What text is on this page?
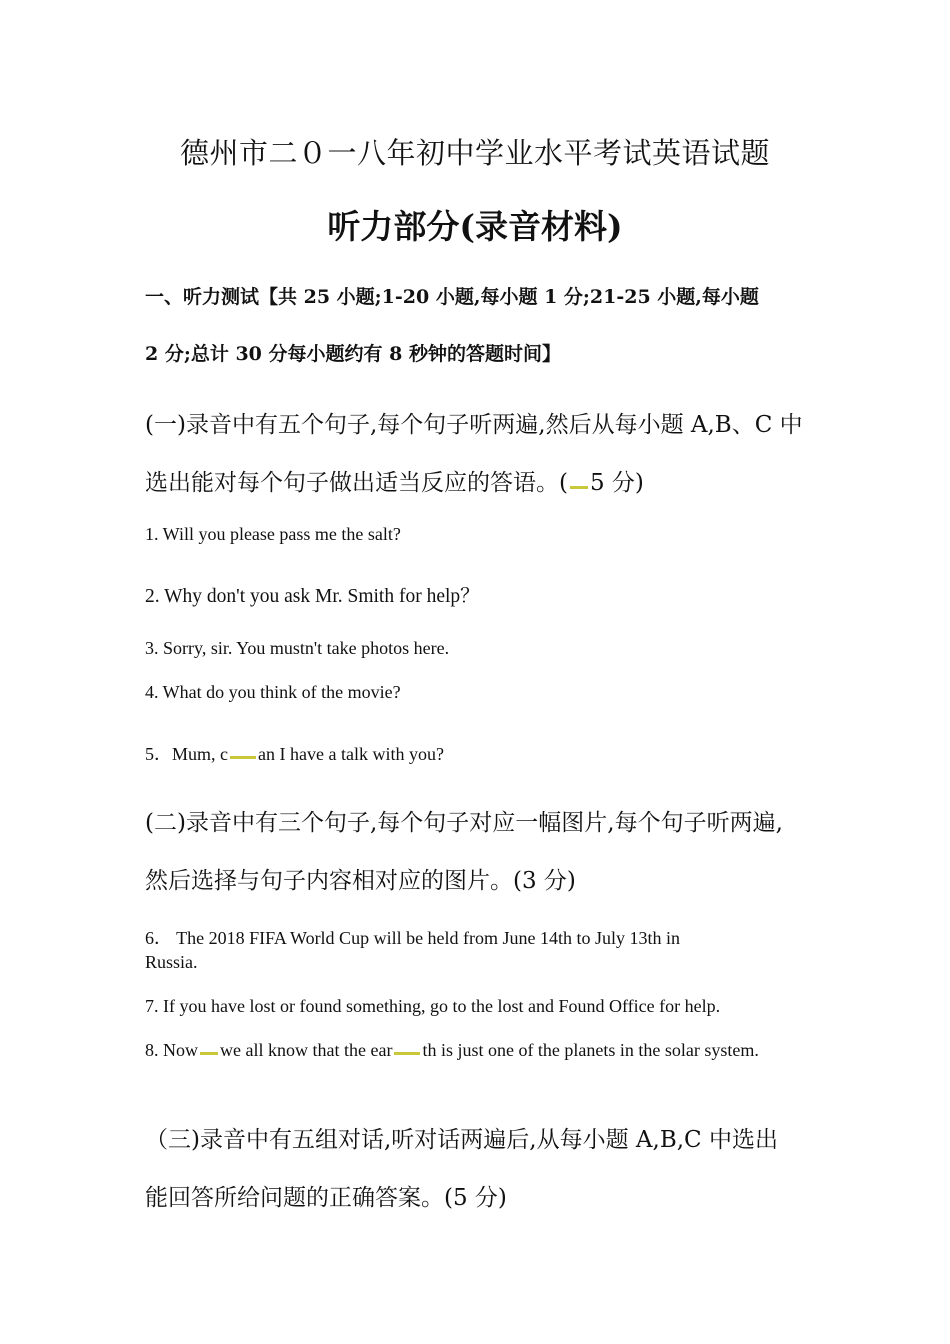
德州市二０一八年初中学业水平考试英语试题
听力部分(录音材料)
一、听力测试【共 25 小题;1-20 小题,每小题 1 分;21-25 小题,每小题
2 分;总计 30 分每小题约有 8 秒钟的答题时间】
(一)录音中有五个句子,每个句子听两遍,然后从每小题 A,B、C 中
选出能对每个句子做出适当反应的答语。( 5 分)
1. Will you please pass me the salt?
2. Why don't you ask Mr. Smith for help？
3. Sorry, sir. You mustn't take photos here.
4. What do you think of the movie?
5．Mum, c an I have a talk with you?
(二)录音中有三个句子,每个句子对应一幅图片,每个句子听两遍,
然后选择与句子内容相对应的图片。(3 分)
6． The 2018 FIFA World Cup will be held from June 14th to July 13th in
Russia.
7. If you have lost or found something, go to the lost and Found Office for help.
8. Now we all know that the ear th is just one of the planets in the solar system.
（三)录音中有五组对话,听对话两遍后,从每小题 A,B,C 中选出
能回答所给问题的正确答案。(5 分)
